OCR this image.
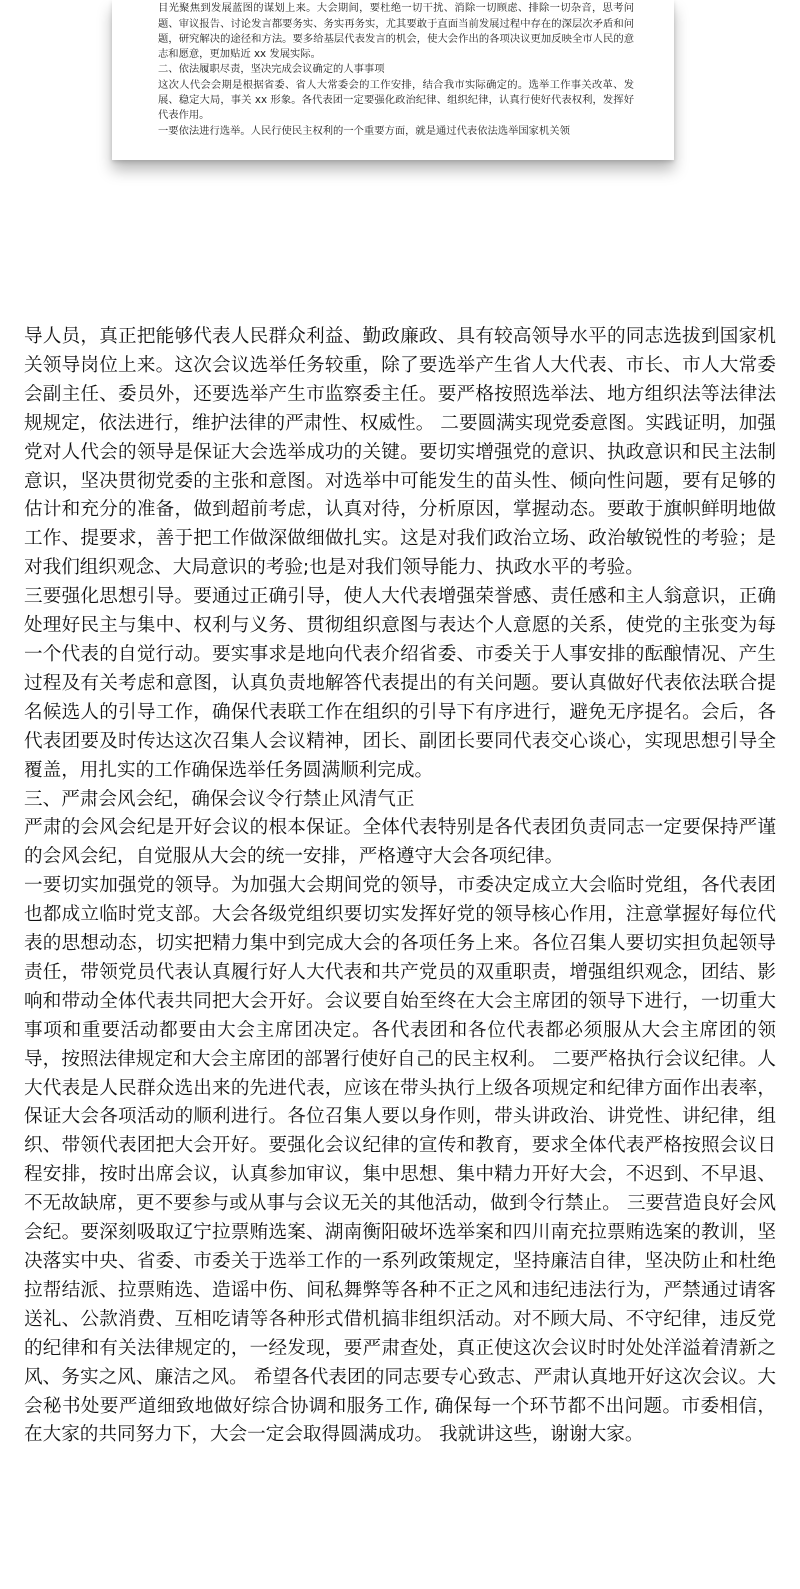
目光聚焦到发展蓝图的谋划上来。大会期间，要杜绝一切干扰、消除一切顾虑、排除一切杂音，思考问题、审议报告、讨论发言都要务实、务实再务实，尤其要敢于直面当前发展过程中存在的深层次矛盾和问题，研究解决的途径和方法。要多给基层代表发言的机会，使大会作出的各项决议更加反映全市人民的意志和愿意，更加贴近 xx 发展实际。

二、依法履职尽责，坚决完成会议确定的人事事项

这次人代会会期是根据省委、省人大常委会的工作安排，结合我市实际确定的。选举工作事关改革、发展、稳定大局，事关 xx 形象。各代表团一定要强化政治纪律、组织纪律，认真行使好代表权利，发挥好代表作用。

一要依法进行选举。人民行使民主权利的一个重要方面，就是通过代表依法选举国家机关领

导人员，真正把能够代表人民群众利益、勤政廉政、具有较高领导水平的同志选拔到国家机关领导岗位上来。这次会议选举任务较重，除了要选举产生省人大代表、市长、市人大常委会副主任、委员外，还要选举产生市监察委主任。要严格按照选举法、地方组织法等法律法规规定，依法进行，维护法律的严肃性、权威性。 二要圆满实现党委意图。实践证明，加强党对人代会的领导是保证大会选举成功的关键。要切实增强党的意识、执政意识和民主法制意识，坚决贯彻党委的主张和意图。对选举中可能发生的苗头性、倾向性问题，要有足够的估计和充分的准备，做到超前考虑，认真对待，分析原因，掌握动态。要敢于旗帜鲜明地做工作、提要求，善于把工作做深做细做扎实。这是对我们政治立场、政治敏锐性的考验；是对我们组织观念、大局意识的考验;也是对我们领导能力、执政水平的考验。

三要强化思想引导。要通过正确引导，使人大代表增强荣誉感、责任感和主人翁意识，正确处理好民主与集中、权利与义务、贯彻组织意图与表达个人意愿的关系，使党的主张变为每一个代表的自觉行动。要实事求是地向代表介绍省委、市委关于人事安排的酝酿情况、产生过程及有关考虑和意图，认真负责地解答代表提出的有关问题。要认真做好代表依法联合提名候选人的引导工作，确保代表联工作在组织的引导下有序进行，避免无序提名。会后，各代表团要及时传达这次召集人会议精神，团长、副团长要同代表交心谈心，实现思想引导全覆盖，用扎实的工作确保选举任务圆满顺利完成。

三、严肃会风会纪，确保会议令行禁止风清气正

严肃的会风会纪是开好会议的根本保证。全体代表特别是各代表团负责同志一定要保持严谨的会风会纪，自觉服从大会的统一安排，严格遵守大会各项纪律。

一要切实加强党的领导。为加强大会期间党的领导，市委决定成立大会临时党组，各代表团也都成立临时党支部。大会各级党组织要切实发挥好党的领导核心作用，注意掌握好每位代表的思想动态，切实把精力集中到完成大会的各项任务上来。各位召集人要切实担负起领导责任，带领党员代表认真履行好人大代表和共产党员的双重职责，增强组织观念，团结、影响和带动全体代表共同把大会开好。会议要自始至终在大会主席团的领导下进行，一切重大事项和重要活动都要由大会主席团决定。各代表团和各位代表都必须服从大会主席团的领导，按照法律规定和大会主席团的部署行使好自己的民主权利。 二要严格执行会议纪律。人大代表是人民群众选出来的先进代表，应该在带头执行上级各项规定和纪律方面作出表率，保证大会各项活动的顺利进行。各位召集人要以身作则，带头讲政治、讲党性、讲纪律，组织、带领代表团把大会开好。要强化会议纪律的宣传和教育，要求全体代表严格按照会议日程安排，按时出席会议，认真参加审议，集中思想、集中精力开好大会，不迟到、不早退、不无故缺席，更不要参与或从事与会议无关的其他活动，做到令行禁止。 三要营造良好会风会纪。要深刻吸取辽宁拉票贿选案、湖南衡阳破坏选举案和四川南充拉票贿选案的教训，坚决落实中央、省委、市委关于选举工作的一系列政策规定，坚持廉洁自律，坚决防止和杜绝拉帮结派、拉票贿选、造谣中伤、间私舞弊等各种不正之风和违纪违法行为，严禁通过请客送礼、公款消费、互相吃请等各种形式借机搞非组织活动。对不顾大局、不守纪律，违反党的纪律和有关法律规定的，一经发现，要严肃查处，真正使这次会议时时处处洋溢着清新之风、务实之风、廉洁之风。 希望各代表团的同志要专心致志、严肃认真地开好这次会议。大会秘书处要严道细致地做好综合协调和服务工作, 确保每一个环节都不出问题。市委相信，在大家的共同努力下，大会一定会取得圆满成功。 我就讲这些，谢谢大家。
